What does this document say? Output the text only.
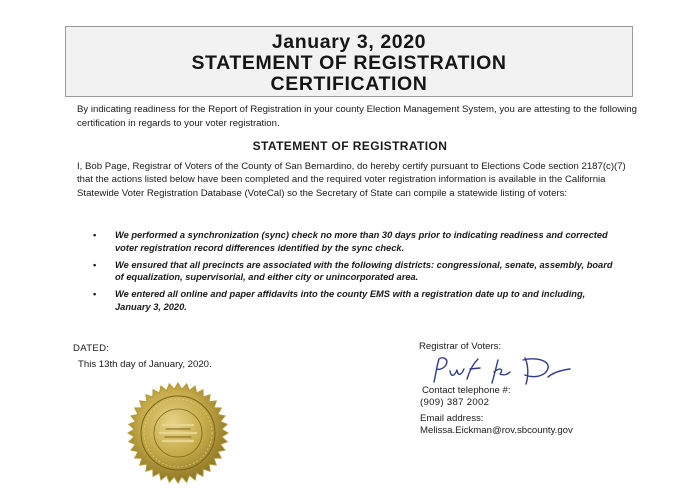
January 3, 2020
STATEMENT OF REGISTRATION
CERTIFICATION
By indicating readiness for the Report of Registration in your county Election Management System, you are attesting to the following certification in regards to your voter registration.
STATEMENT OF REGISTRATION
I, Bob Page, Registrar of Voters of the County of San Bernardino, do hereby certify pursuant to Elections Code section 2187(c)(7) that the actions listed below have been completed and the required voter registration information is available in the California Statewide Voter Registration Database (VoteCal) so the Secretary of State can compile a statewide listing of voters:
• We performed a synchronization (sync) check no more than 30 days prior to indicating readiness and corrected voter registration record differences identified by the sync check.
• We ensured that all precincts are associated with the following districts: congressional, senate, assembly, board of equalization, supervisorial, and either city or unincorporated area.
• We entered all online and paper affidavits into the county EMS with a registration date up to and including, January 3, 2020.
DATED:
This 13th day of January, 2020.
Registrar of Voters:
Contact telephone #:
(909) 387 2002
Email address:
Melissa.Eickman@rov.sbcounty.gov
